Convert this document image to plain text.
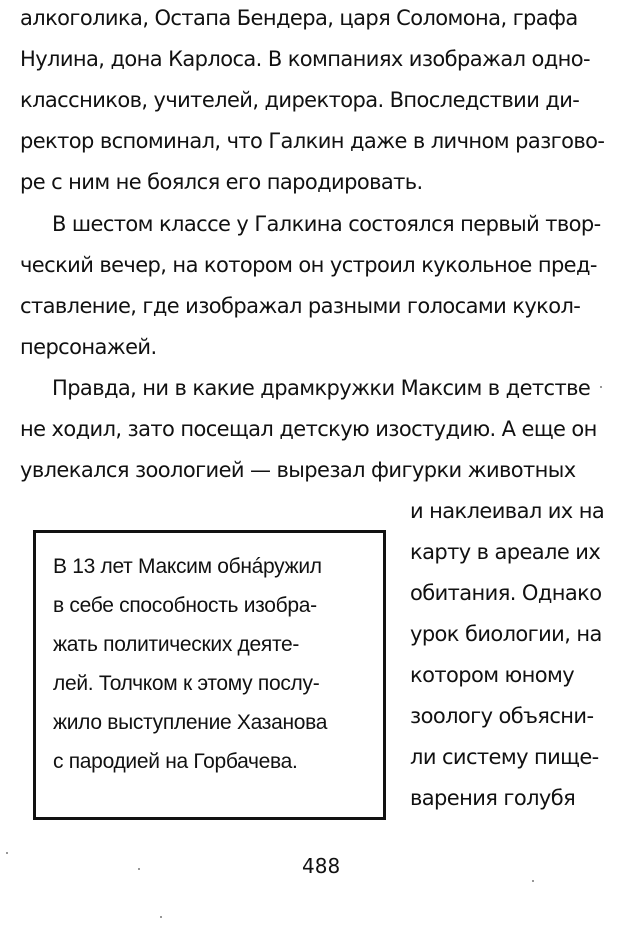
алкоголика, Остапа Бендера, царя Соломона, графа
Нулина, дона Карлоса. В компаниях изображал одно-
классников, учителей, директора. Впоследствии ди-
ректор вспоминал, что Галкин даже в личном разгово-
ре с ним не боялся его пародировать.
В шестом классе у Галкина состоялся первый твор-
ческий вечер, на котором он устроил кукольное пред-
ставление, где изображал разными голосами кукол-
персонажей.
Правда, ни в какие драмкружки Максим в детстве
не ходил, зато посещал детскую изостудию. А еще он
увлекался зоологией — вырезал фигурки животных
и наклеивал их на
карту в ареале их
обитания. Однако
урок биологии, на
котором юному
зоологу объясни-
ли систему пище-
варения голубя
В 13 лет Максим обнáружил
в себе способность изобра-
жать политических деяте-
лей. Толчком к этому послу-
жило выступление Хазанова
с пародией на Горбачева.
488
